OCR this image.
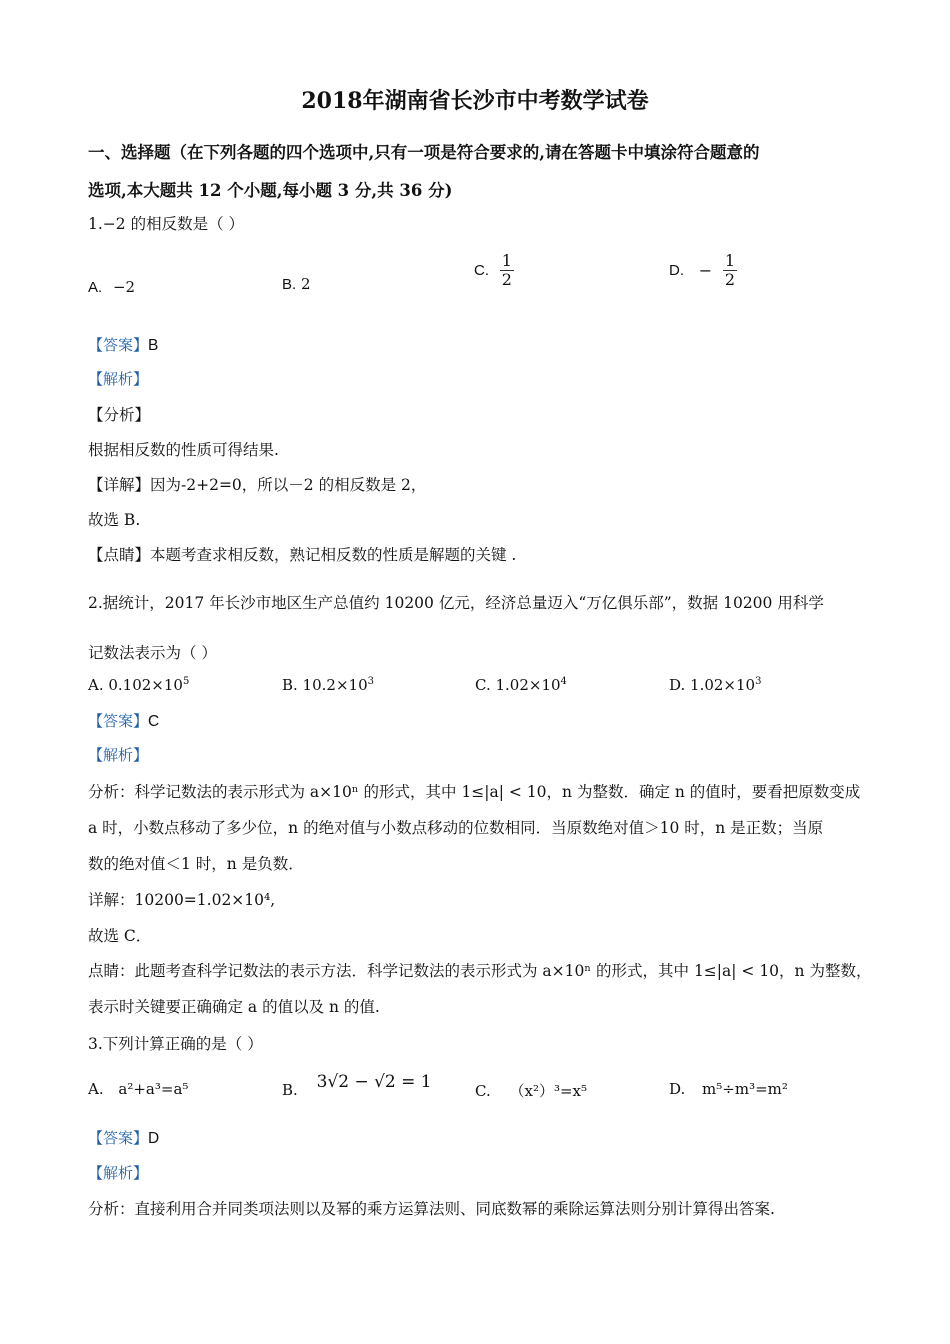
2018年湖南省长沙市中考数学试卷
一、选择题（在下列各题的四个选项中,只有一项是符合要求的,请在答题卡中填涂符合题意的
选项,本大题共 12 个小题,每小题 3 分,共 36 分)
1.−2 的相反数是（ ）
A. −2	B. 2
C. $\frac{1}{2}$	D. − $\frac{1}{2}$
【答案】B
【解析】
【分析】
根据相反数的性质可得结果.
【详解】因为-2+2=0，所以－2 的相反数是 2，
故选 B.
【点睛】本题考查求相反数，熟记相反数的性质是解题的关键 .
2.据统计，2017 年长沙市地区生产总值约 10200 亿元，经济总量迈入“万亿俱乐部”，数据 10200 用科学
记数法表示为（ ）
A. $0.102\times 10^5$	B. $10.2\times 10^3$	C. $1.02\times 10^4$	D. $1.02\times 10^3$
【答案】C
【解析】
分析：科学记数法的表示形式为 a×10ⁿ 的形式，其中 1≤|a| < 10，n 为整数．确定 n 的值时，要看把原数变成
a 时，小数点移动了多少位，n 的绝对值与小数点移动的位数相同．当原数绝对值＞10 时，n 是正数；当原
数的绝对值＜1 时，n 是负数．
详解：10200=1.02×10⁴,
故选 C．
点睛：此题考查科学记数法的表示方法．科学记数法的表示形式为 a×10ⁿ 的形式，其中 1≤|a| < 10，n 为整数，
表示时关键要正确确定 a 的值以及 n 的值.
3.下列计算正确的是（ ）
A. a²+a³=a⁵	B. 3√2 − √2 = 1	C. （x²）³=x⁵	D. m⁵÷m³=m²
【答案】D
【解析】
分析：直接利用合并同类项法则以及幂的乘方运算法则、同底数幂的乘除运算法则分别计算得出答案.
